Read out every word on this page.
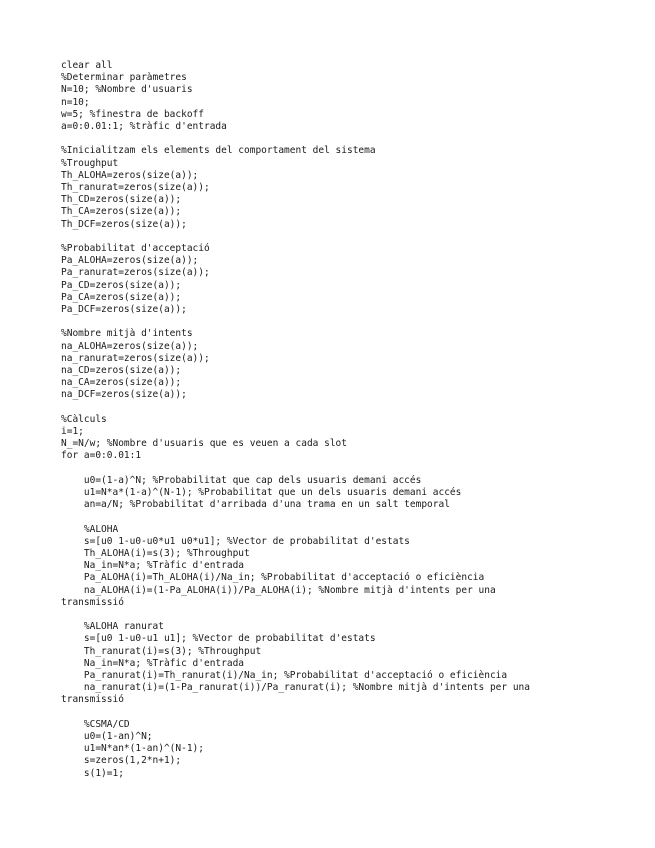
clear all
%Determinar paràmetres
N=10; %Nombre d'usuaris
n=10;
w=5; %finestra de backoff
a=0:0.01:1; %tràfic d'entrada
%Inicialitzam els elements del comportament del sistema
%Troughput
Th_ALOHA=zeros(size(a));
Th_ranurat=zeros(size(a));
Th_CD=zeros(size(a));
Th_CA=zeros(size(a));
Th_DCF=zeros(size(a));
%Probabilitat d'acceptació
Pa_ALOHA=zeros(size(a));
Pa_ranurat=zeros(size(a));
Pa_CD=zeros(size(a));
Pa_CA=zeros(size(a));
Pa_DCF=zeros(size(a));
%Nombre mitjà d'intents
na_ALOHA=zeros(size(a));
na_ranurat=zeros(size(a));
na_CD=zeros(size(a));
na_CA=zeros(size(a));
na_DCF=zeros(size(a));
%Càlculs
i=1;
N_=N/w; %Nombre d'usuaris que es veuen a cada slot
for a=0:0.01:1
u0=(1-a)^N; %Probabilitat que cap dels usuaris demani accés
u1=N*a*(1-a)^(N-1); %Probabilitat que un dels usuaris demani accés
an=a/N; %Probabilitat d'arribada d'una trama en un salt temporal
%ALOHA
s=[u0 1-u0-u0*u1 u0*u1]; %Vector de probabilitat d'estats
Th_ALOHA(i)=s(3); %Throughput
Na_in=N*a; %Tràfic d'entrada
Pa_ALOHA(i)=Th_ALOHA(i)/Na_in; %Probabilitat d'acceptació o eficiència
na_ALOHA(i)=(1-Pa_ALOHA(i))/Pa_ALOHA(i); %Nombre mitjà d'intents per una
transmissió
%ALOHA ranurat
s=[u0 1-u0-u1 u1]; %Vector de probabilitat d'estats
Th_ranurat(i)=s(3); %Throughput
Na_in=N*a; %Tràfic d'entrada
Pa_ranurat(i)=Th_ranurat(i)/Na_in; %Probabilitat d'acceptació o eficiència
na_ranurat(i)=(1-Pa_ranurat(i))/Pa_ranurat(i); %Nombre mitjà d'intents per una
transmissió
%CSMA/CD
u0=(1-an)^N;
u1=N*an*(1-an)^(N-1);
s=zeros(1,2*n+1);
s(1)=1;
